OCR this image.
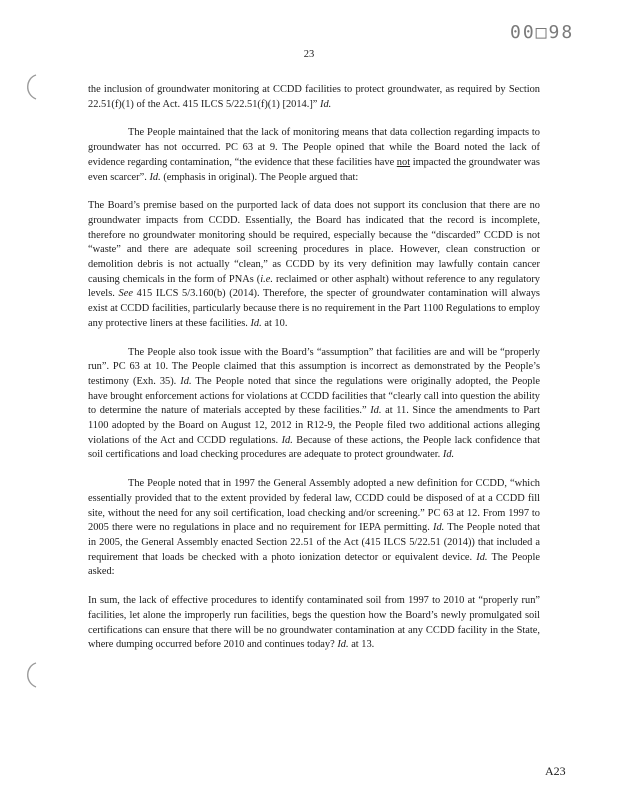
00□98
23

the inclusion of groundwater monitoring at CCDD facilities to protect groundwater, as required by Section 22.51(f)(1) of the Act. 415 ILCS 5/22.51(f)(1) [2014.]” Id.

The People maintained that the lack of monitoring means that data collection regarding impacts to groundwater has not occurred. PC 63 at 9. The People opined that while the Board noted the lack of evidence regarding contamination, “the evidence that these facilities have not impacted the groundwater was even scarcer”. Id. (emphasis in original). The People argued that:

The Board’s premise based on the purported lack of data does not support its conclusion that there are no groundwater impacts from CCDD. Essentially, the Board has indicated that the record is incomplete, therefore no groundwater monitoring should be required, especially because the “discarded” CCDD is not “waste” and there are adequate soil screening procedures in place. However, clean construction or demolition debris is not actually “clean,” as CCDD by its very definition may lawfully contain cancer causing chemicals in the form of PNAs (i.e. reclaimed or other asphalt) without reference to any regulatory levels. See 415 ILCS 5/3.160(b) (2014). Therefore, the specter of groundwater contamination will always exist at CCDD facilities, particularly because there is no requirement in the Part 1100 Regulations to employ any protective liners at these facilities. Id. at 10.

The People also took issue with the Board’s “assumption” that facilities are and will be “properly run”. PC 63 at 10. The People claimed that this assumption is incorrect as demonstrated by the People’s testimony (Exh. 35). Id. The People noted that since the regulations were originally adopted, the People have brought enforcement actions for violations at CCDD facilities that “clearly call into question the ability to determine the nature of materials accepted by these facilities.” Id. at 11. Since the amendments to Part 1100 adopted by the Board on August 12, 2012 in R12-9, the People filed two additional actions alleging violations of the Act and CCDD regulations. Id. Because of these actions, the People lack confidence that soil certifications and load checking procedures are adequate to protect groundwater. Id.

The People noted that in 1997 the General Assembly adopted a new definition for CCDD, “which essentially provided that to the extent provided by federal law, CCDD could be disposed of at a CCDD fill site, without the need for any soil certification, load checking and/or screening.” PC 63 at 12. From 1997 to 2005 there were no regulations in place and no requirement for IEPA permitting. Id. The People noted that in 2005, the General Assembly enacted Section 22.51 of the Act (415 ILCS 5/22.51 (2014)) that included a requirement that loads be checked with a photo ionization detector or equivalent device. Id. The People asked:

In sum, the lack of effective procedures to identify contaminated soil from 1997 to 2010 at “properly run” facilities, let alone the improperly run facilities, begs the question how the Board’s newly promulgated soil certifications can ensure that there will be no groundwater contamination at any CCDD facility in the State, where dumping occurred before 2010 and continues today? Id. at 13.

A23
